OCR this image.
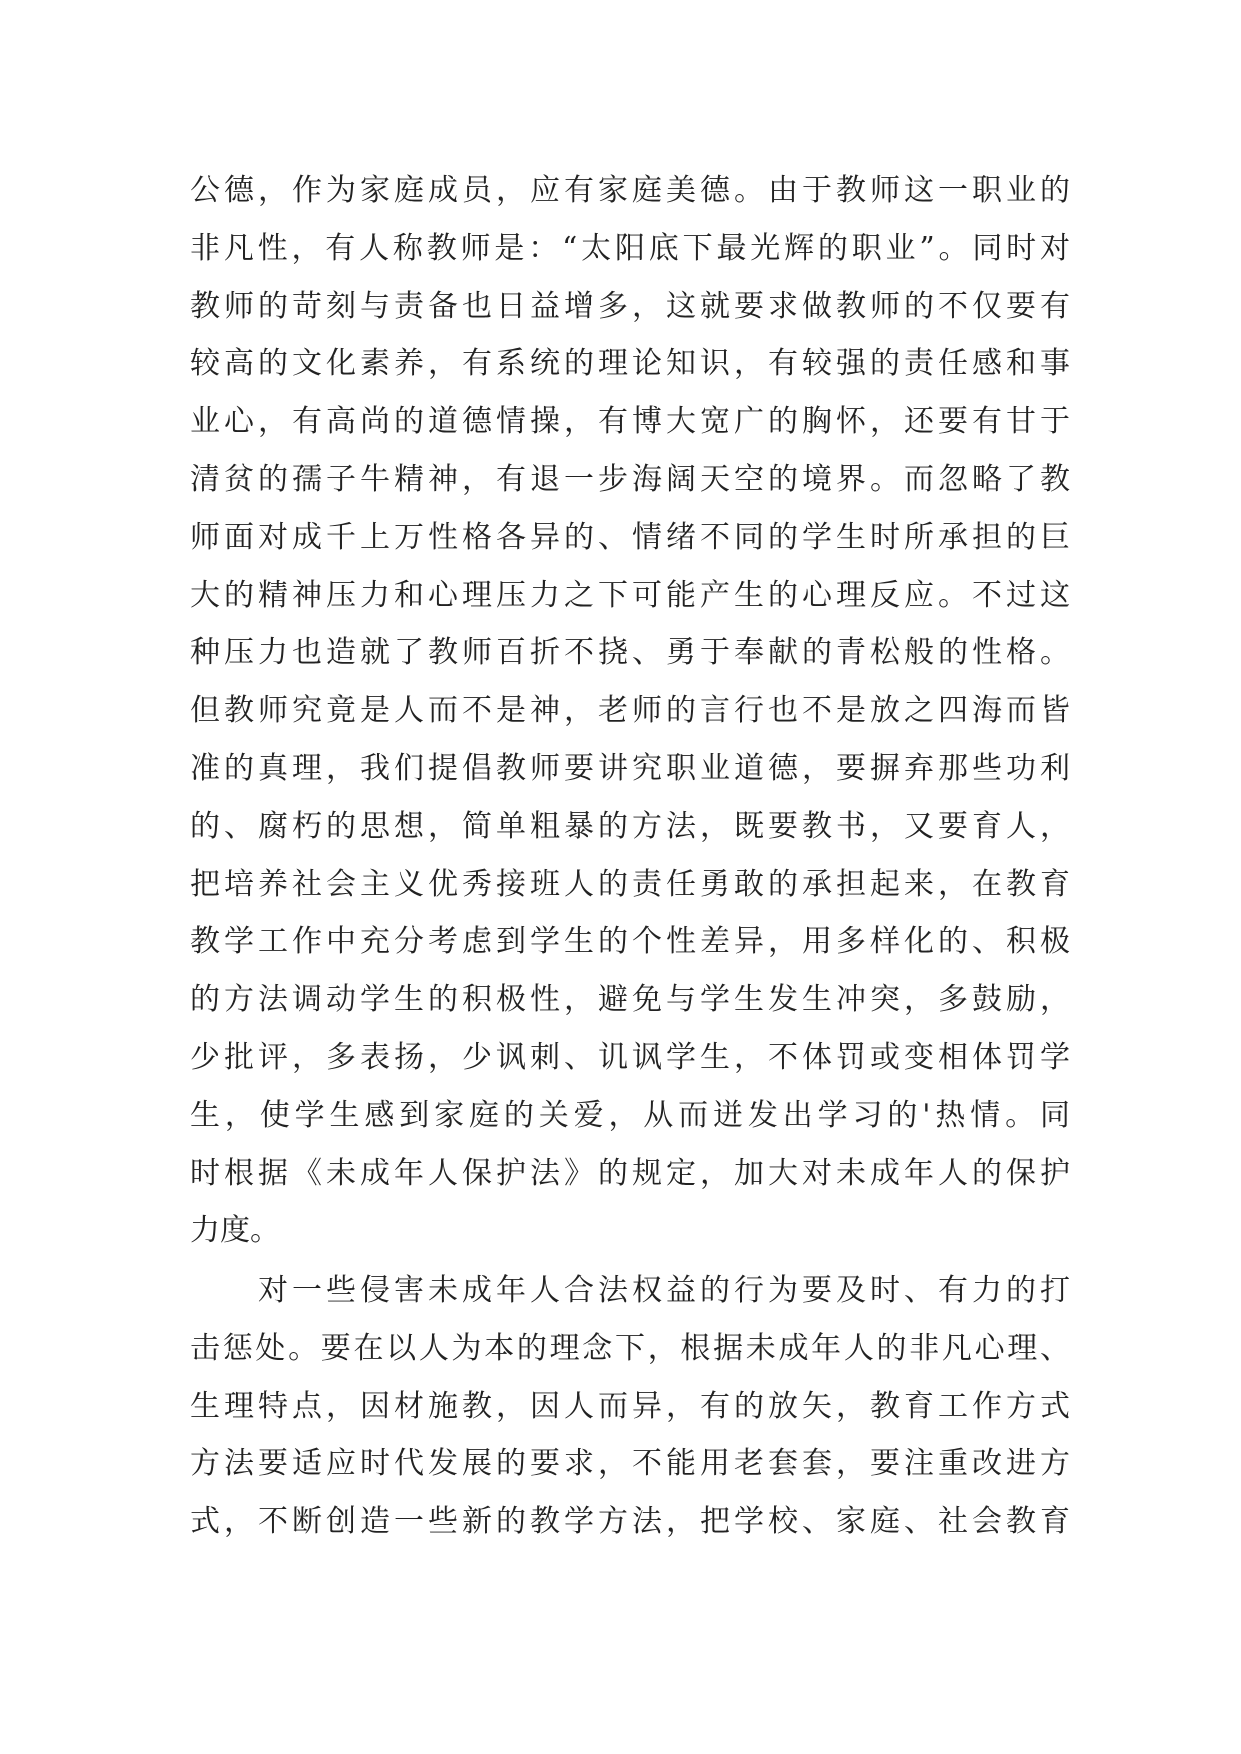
公德，作为家庭成员，应有家庭美德。由于教师这一职业的
非凡性，有人称教师是：“太阳底下最光辉的职业”。同时对
教师的苛刻与责备也日益增多，这就要求做教师的不仅要有
较高的文化素养，有系统的理论知识，有较强的责任感和事
业心，有高尚的道德情操，有博大宽广的胸怀，还要有甘于
清贫的孺子牛精神，有退一步海阔天空的境界。而忽略了教
师面对成千上万性格各异的、情绪不同的学生时所承担的巨
大的精神压力和心理压力之下可能产生的心理反应。不过这
种压力也造就了教师百折不挠、勇于奉献的青松般的性格。
但教师究竟是人而不是神，老师的言行也不是放之四海而皆
准的真理，我们提倡教师要讲究职业道德，要摒弃那些功利
的、腐朽的思想，简单粗暴的方法，既要教书，又要育人，
把培养社会主义优秀接班人的责任勇敢的承担起来，在教育
教学工作中充分考虑到学生的个性差异，用多样化的、积极
的方法调动学生的积极性，避免与学生发生冲突，多鼓励，
少批评，多表扬，少讽刺、讥讽学生，不体罚或变相体罚学
生，使学生感到家庭的关爱，从而迸发出学习的'热情。同
时根据《未成年人保护法》的规定，加大对未成年人的保护
力度。
对一些侵害未成年人合法权益的行为要及时、有力的打
击惩处。要在以人为本的理念下，根据未成年人的非凡心理、
生理特点，因材施教，因人而异，有的放矢，教育工作方式
方法要适应时代发展的要求，不能用老套套，要注重改进方
式，不断创造一些新的教学方法，把学校、家庭、社会教育
